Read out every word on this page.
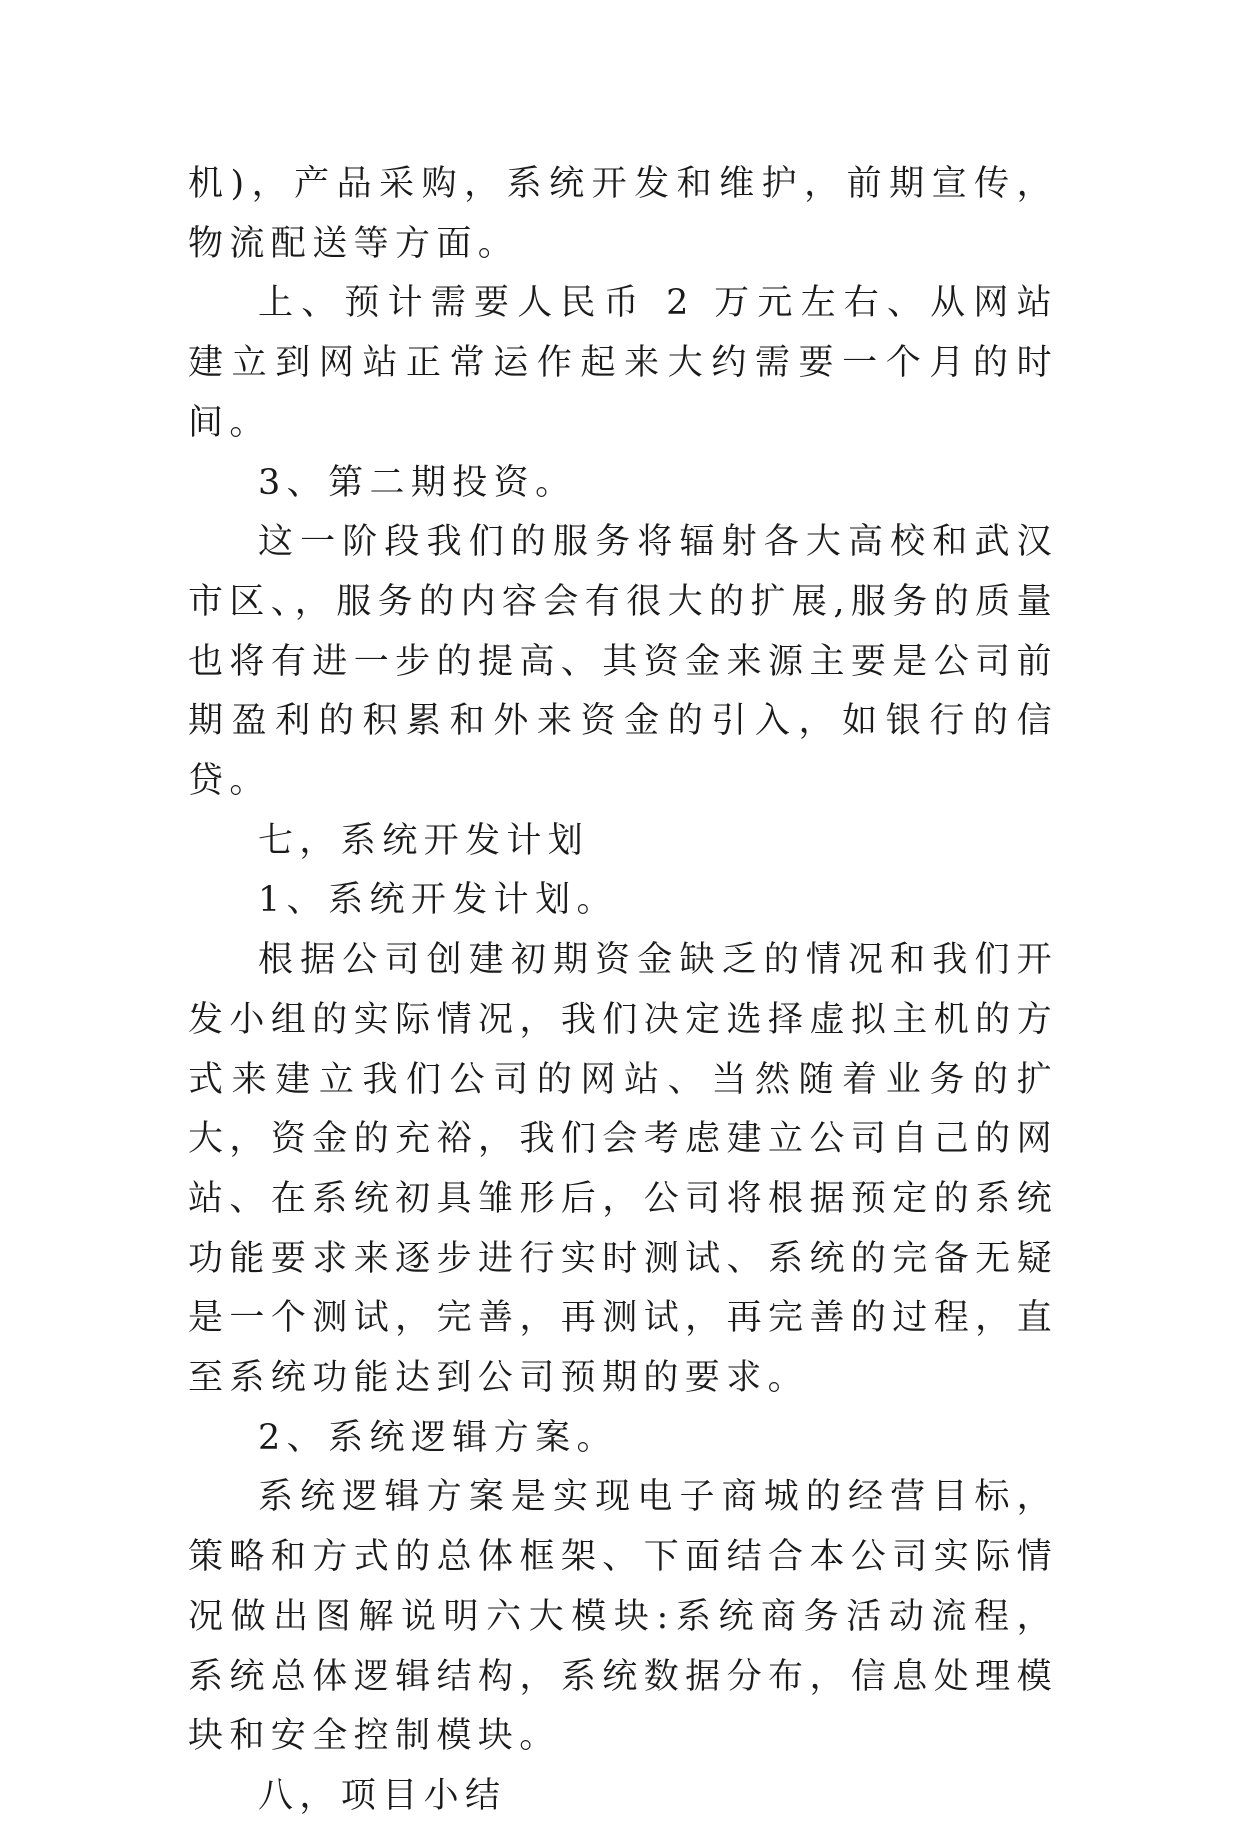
机)，产品采购，系统开发和维护，前期宣传，物流配送等方面。

上、预计需要人民币 2 万元左右、从网站建立到网站正常运作起来大约需要一个月的时间。

3、第二期投资。

这一阶段我们的服务将辐射各大高校和武汉市区、，服务的内容会有很大的扩展,服务的质量也将有进一步的提高、其资金来源主要是公司前期盈利的积累和外来资金的引入，如银行的信贷。

七，系统开发计划

1、系统开发计划。

根据公司创建初期资金缺乏的情况和我们开发小组的实际情况，我们决定选择虚拟主机的方式来建立我们公司的网站、当然随着业务的扩大，资金的充裕，我们会考虑建立公司自己的网站、在系统初具雏形后，公司将根据预定的系统功能要求来逐步进行实时测试、系统的完备无疑是一个测试，完善，再测试，再完善的过程，直至系统功能达到公司预期的要求。

2、系统逻辑方案。

系统逻辑方案是实现电子商城的经营目标，策略和方式的总体框架、下面结合本公司实际情况做出图解说明六大模块:系统商务活动流程，系统总体逻辑结构，系统数据分布，信息处理模块和安全控制模块。

八，项目小结
